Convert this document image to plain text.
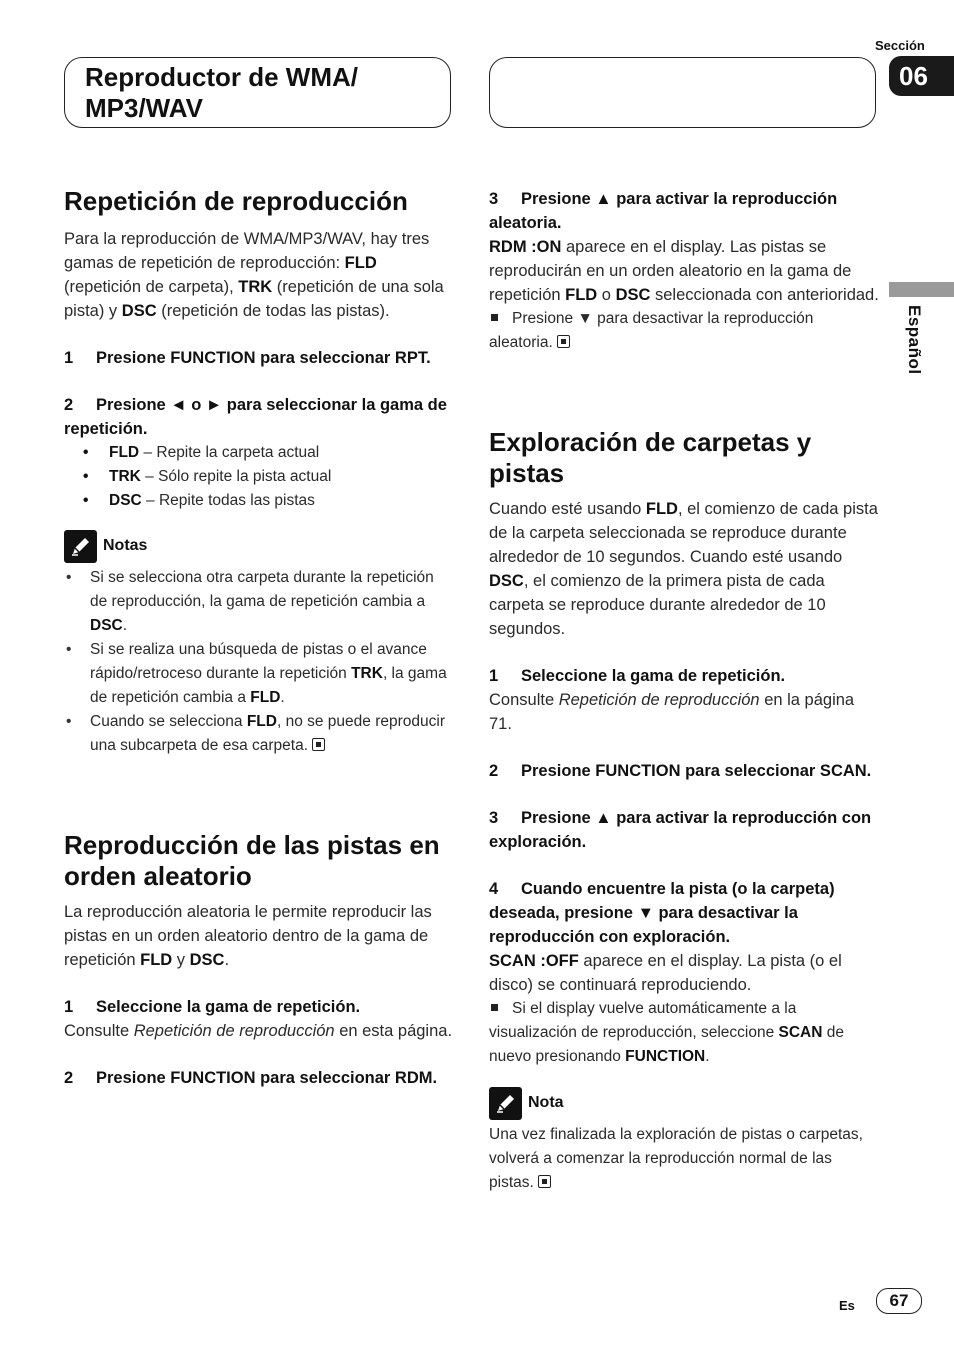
Reproductor de WMA/ MP3/WAV
Sección
06
Español
Repetición de reproducción

Para la reproducción de WMA/MP3/WAV, hay tres gamas de repetición de reproducción: FLD (repetición de carpeta), TRK (repetición de una sola pista) y DSC (repetición de todas las pistas).

1 Presione FUNCTION para seleccionar RPT.

2 Presione ◄ o ► para seleccionar la gama de repetición.

• FLD – Repite la carpeta actual
• TRK – Sólo repite la pista actual
• DSC – Repite todas las pistas
Notas
• Si se selecciona otra carpeta durante la repetición de reproducción, la gama de repetición cambia a DSC.
• Si se realiza una búsqueda de pistas o el avance rápido/retroceso durante la repetición TRK, la gama de repetición cambia a FLD.
• Cuando se selecciona FLD, no se puede reproducir una subcarpeta de esa carpeta.
Reproducción de las pistas en orden aleatorio

La reproducción aleatoria le permite reproducir las pistas en un orden aleatorio dentro de la gama de repetición FLD y DSC.

1 Seleccione la gama de repetición.

Consulte Repetición de reproducción en esta página.

2 Presione FUNCTION para seleccionar RDM.

3 Presione ▲ para activar la reproducción aleatoria.

RDM :ON aparece en el display. Las pistas se reproducirán en un orden aleatorio en la gama de repetición FLD o DSC seleccionada con anterioridad.

Presione ▼ para desactivar la reproducción aleatoria.

Exploración de carpetas y pistas

Cuando esté usando FLD, el comienzo de cada pista de la carpeta seleccionada se reproduce durante alrededor de 10 segundos. Cuando esté usando DSC, el comienzo de la primera pista de cada carpeta se reproduce durante alrededor de 10 segundos.

1 Seleccione la gama de repetición.

Consulte Repetición de reproducción en la página 71.

2 Presione FUNCTION para seleccionar SCAN.

3 Presione ▲ para activar la reproducción con exploración.

4 Cuando encuentre la pista (o la carpeta) deseada, presione ▼ para desactivar la reproducción con exploración.

SCAN :OFF aparece en el display. La pista (o el disco) se continuará reproduciendo.

Si el display vuelve automáticamente a la visualización de reproducción, seleccione SCAN de nuevo presionando FUNCTION.

Nota

Una vez finalizada la exploración de pistas o carpetas, volverá a comenzar la reproducción normal de las pistas.

Es	67
